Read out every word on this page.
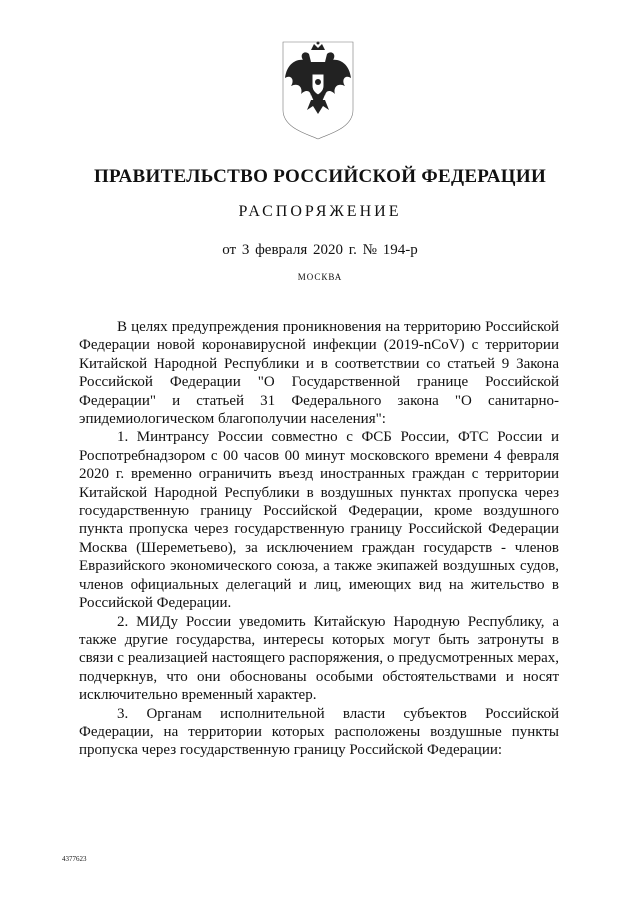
ПРАВИТЕЛЬСТВО РОССИЙСКОЙ ФЕДЕРАЦИИ
РАСПОРЯЖЕНИЕ
от 3 февраля 2020 г. № 194-р
МОСКВА

В целях предупреждения проникновения на территорию Российской Федерации новой коронавирусной инфекции (2019-nCoV) с территории Китайской Народной Республики и в соответствии со статьей 9 Закона Российской Федерации "О Государственной границе Российской Федерации" и статьей 31 Федерального закона "О санитарно-эпидемиологическом благополучии населения":

1. Минтрансу России совместно с ФСБ России, ФТС России и Роспотребнадзором с 00 часов 00 минут московского времени 4 февраля 2020 г. временно ограничить въезд иностранных граждан с территории Китайской Народной Республики в воздушных пунктах пропуска через государственную границу Российской Федерации, кроме воздушного пункта пропуска через государственную границу Российской Федерации Москва (Шереметьево), за исключением граждан государств - членов Евразийского экономического союза, а также экипажей воздушных судов, членов официальных делегаций и лиц, имеющих вид на жительство в Российской Федерации.

2. МИДу России уведомить Китайскую Народную Республику, а также другие государства, интересы которых могут быть затронуты в связи с реализацией настоящего распоряжения, о предусмотренных мерах, подчеркнув, что они обоснованы особыми обстоятельствами и носят исключительно временный характер.

3. Органам исполнительной власти субъектов Российской Федерации, на территории которых расположены воздушные пункты пропуска через государственную границу Российской Федерации:

4377623
